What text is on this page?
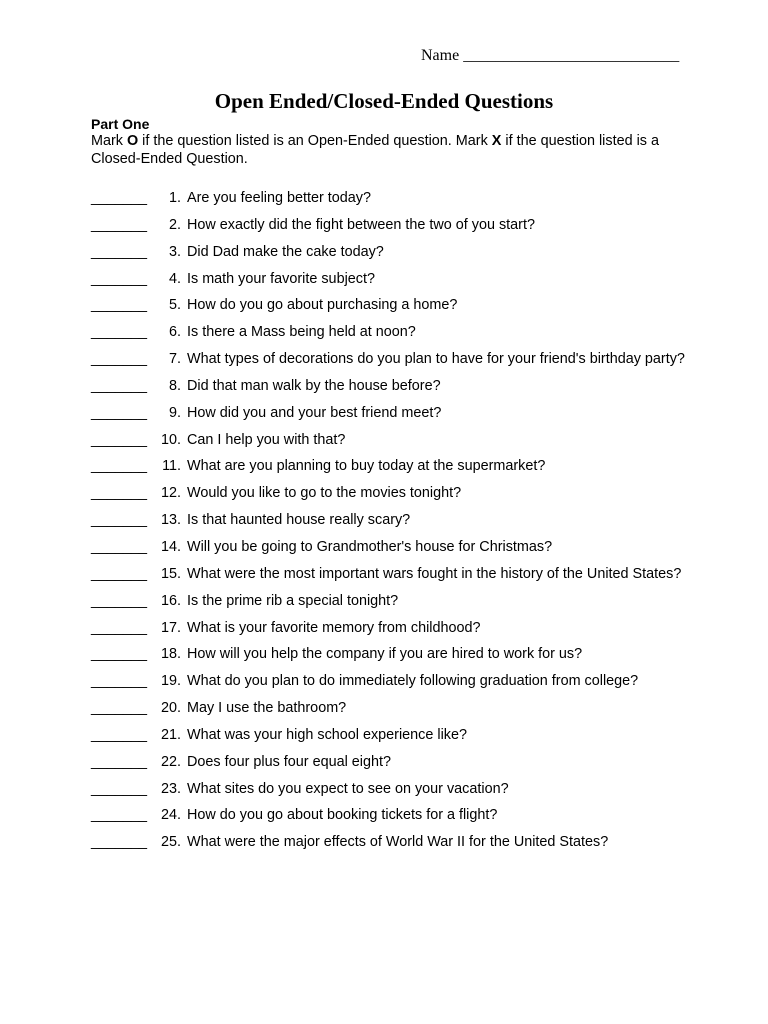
Name ___________________________
Open Ended/Closed-Ended Questions
Part One

Mark O if the question listed is an Open-Ended question. Mark X if the question listed is a Closed-Ended Question.

_______	1. Are you feeling better today?
_______	2. How exactly did the fight between the two of you start?
_______	3. Did Dad make the cake today?
_______	4. Is math your favorite subject?
_______	5. How do you go about purchasing a home?
_______	6. Is there a Mass being held at noon?
_______	7. What types of decorations do you plan to have for your friend's birthday party?
_______	8. Did that man walk by the house before?
_______	9. How did you and your best friend meet?
_______ 10. Can I help you with that?
_______	11. What are you planning to buy today at the supermarket?
_______ 12. Would you like to go to the movies tonight?
_______ 13. Is that haunted house really scary?
_______ 14. Will you be going to Grandmother's house for Christmas?
_______ 15. What were the most important wars fought in the history of the United States?
_______ 16. Is the prime rib a special tonight?
_______ 17. What is your favorite memory from childhood?
_______ 18. How will you help the company if you are hired to work for us?
_______ 19. What do you plan to do immediately following graduation from college?
_______ 20. May I use the bathroom?
_______ 21. What was your high school experience like?
_______ 22. Does four plus four equal eight?
_______ 23. What sites do you expect to see on your vacation?
_______ 24. How do you go about booking tickets for a flight?
_______ 25. What were the major effects of World War II for the United States?
